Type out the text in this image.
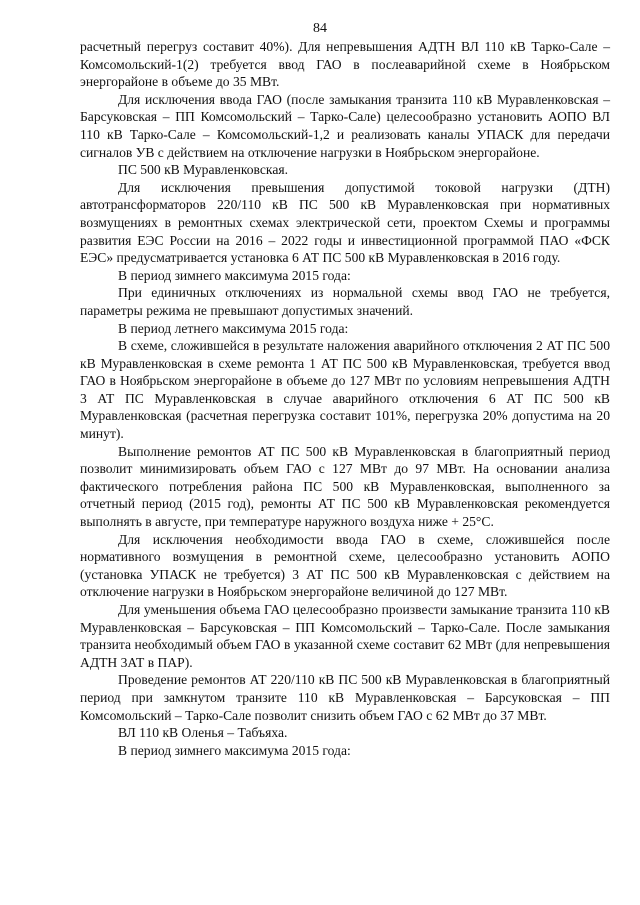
84

расчетный перегруз составит 40%). Для непревышения АДТН ВЛ 110 кВ Тарко-Сале – Комсомольский-1(2) требуется ввод ГАО в послеаварийной схеме в Ноябрьском энергорайоне в объеме до 35 МВт.

Для исключения ввода ГАО (после замыкания транзита 110 кВ Муравленковская – Барсуковская – ПП Комсомольский – Тарко-Сале) целесообразно установить АОПО ВЛ 110 кВ Тарко-Сале – Комсомольский-1,2 и реализовать каналы УПАСК для передачи сигналов УВ с действием на отключение нагрузки в Ноябрьском энергорайоне.

ПС 500 кВ Муравленковская.

Для исключения превышения допустимой токовой нагрузки (ДТН) автотрансформаторов 220/110 кВ ПС 500 кВ Муравленковская при нормативных возмущениях в ремонтных схемах электрической сети, проектом Схемы и программы развития ЕЭС России на 2016 – 2022 годы и инвестиционной программой ПАО «ФСК ЕЭС» предусматривается установка 6 АТ ПС 500 кВ Муравленковская в 2016 году.

В период зимнего максимума 2015 года:

При единичных отключениях из нормальной схемы ввод ГАО не требуется, параметры режима не превышают допустимых значений.

В период летнего максимума 2015 года:

В схеме, сложившейся в результате наложения аварийного отключения 2 АТ ПС 500 кВ Муравленковская в схеме ремонта 1 АТ ПС 500 кВ Муравленковская, требуется ввод ГАО в Ноябрьском энергорайоне в объеме до 127 МВт по условиям непревышения АДТН 3 АТ ПС Муравленковская в случае аварийного отключения 6 АТ ПС 500 кВ Муравленковская (расчетная перегрузка составит 101%, перегрузка 20% допустима на 20 минут).

Выполнение ремонтов АТ ПС 500 кВ Муравленковская в благоприятный период позволит минимизировать объем ГАО с 127 МВт до 97 МВт. На основании анализа фактического потребления района ПС 500 кВ Муравленковская, выполненного за отчетный период (2015 год), ремонты АТ ПС 500 кВ Муравленковская рекомендуется выполнять в августе, при температуре наружного воздуха ниже + 25°С.

Для исключения необходимости ввода ГАО в схеме, сложившейся после нормативного возмущения в ремонтной схеме, целесообразно установить АОПО (установка УПАСК не требуется) 3 АТ ПС 500 кВ Муравленковская с действием на отключение нагрузки в Ноябрьском энергорайоне величиной до 127 МВт.

Для уменьшения объема ГАО целесообразно произвести замыкание транзита 110 кВ Муравленковская – Барсуковская – ПП Комсомольский – Тарко-Сале. После замыкания транзита необходимый объем ГАО в указанной схеме составит 62 МВт (для непревышения АДТН 3АТ в ПАР).

Проведение ремонтов АТ 220/110 кВ ПС 500 кВ Муравленковская в благоприятный период при замкнутом транзите 110 кВ Муравленковская – Барсуковская – ПП Комсомольский – Тарко-Сале позволит снизить объем ГАО с 62 МВт до 37 МВт.

ВЛ 110 кВ Оленья – Табъяха.

В период зимнего максимума 2015 года:
